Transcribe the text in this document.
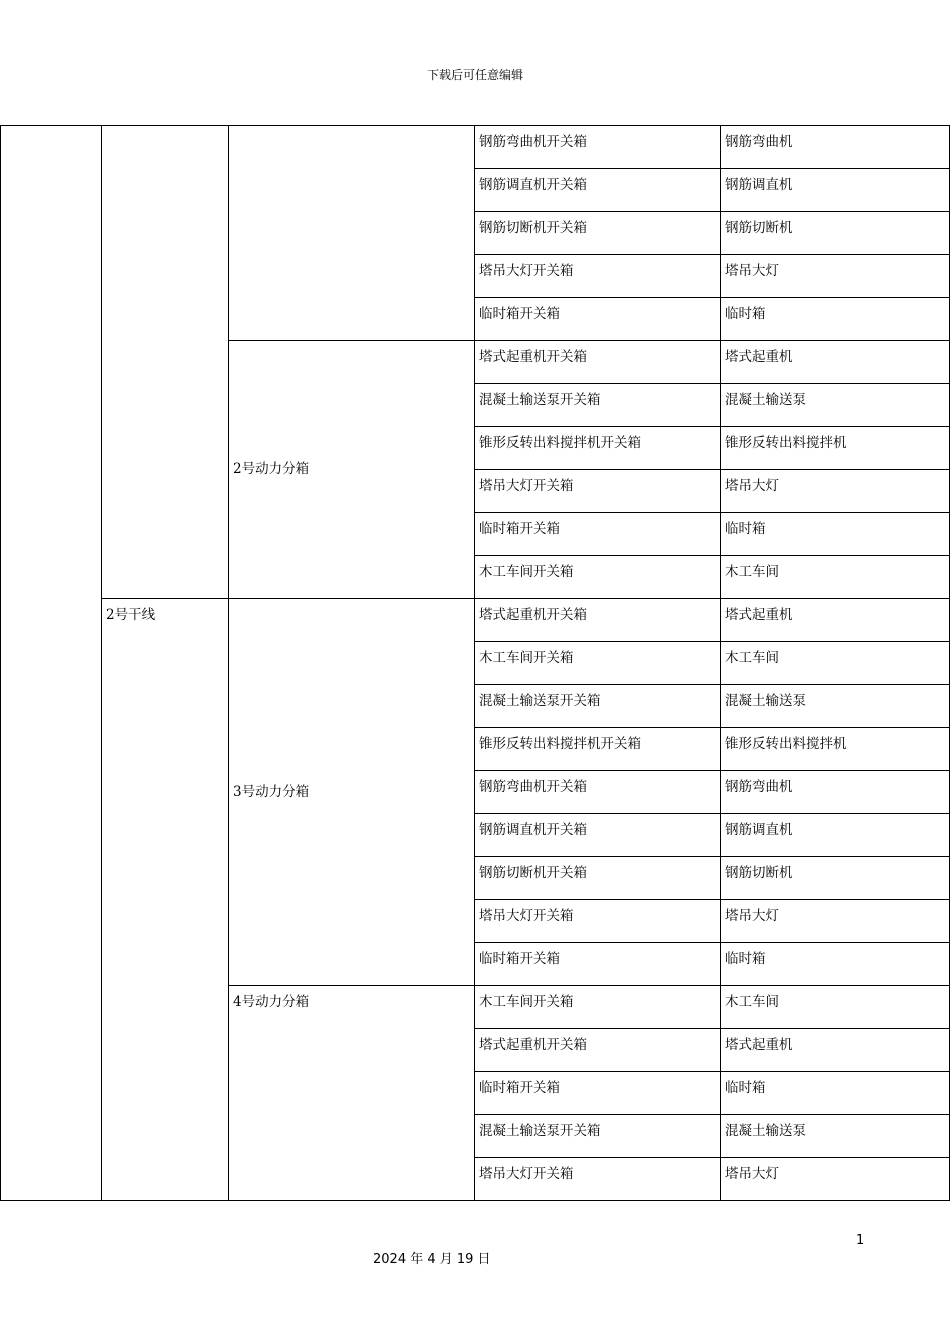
下载后可任意编辑
			钢筋弯曲机开关箱	钢筋弯曲机
			钢筋调直机开关箱	钢筋调直机
			钢筋切断机开关箱	钢筋切断机
			塔吊大灯开关箱	塔吊大灯
			临时箱开关箱	临时箱
		2号动力分箱	塔式起重机开关箱	塔式起重机
			混凝土输送泵开关箱	混凝土输送泵
			锥形反转出料搅拌机开关箱	锥形反转出料搅拌机
			塔吊大灯开关箱	塔吊大灯
			临时箱开关箱	临时箱
			木工车间开关箱	木工车间
	2号干线	3号动力分箱	塔式起重机开关箱	塔式起重机
			木工车间开关箱	木工车间
			混凝土输送泵开关箱	混凝土输送泵
			锥形反转出料搅拌机开关箱	锥形反转出料搅拌机
			钢筋弯曲机开关箱	钢筋弯曲机
			钢筋调直机开关箱	钢筋调直机
			钢筋切断机开关箱	钢筋切断机
			塔吊大灯开关箱	塔吊大灯
			临时箱开关箱	临时箱
		4号动力分箱	木工车间开关箱	木工车间
			塔式起重机开关箱	塔式起重机
			临时箱开关箱	临时箱
			混凝土输送泵开关箱	混凝土输送泵
			塔吊大灯开关箱	塔吊大灯
1
2024 年 4 月 19 日
